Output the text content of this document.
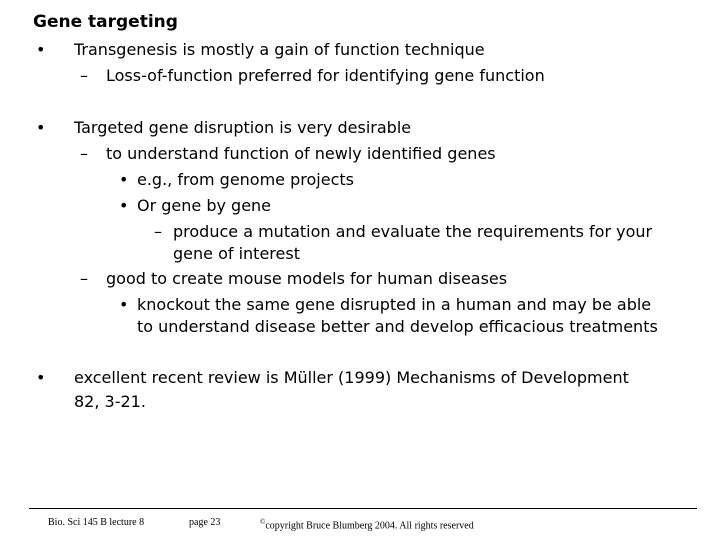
Gene targeting
• Transgenesis is mostly a gain of function technique
– Loss-of-function preferred for identifying gene function
• Targeted gene disruption is very desirable
– to understand function of newly identified genes
• e.g., from genome projects
• Or gene by gene
– produce a mutation and evaluate the requirements for your
gene of interest
– good to create mouse models for human diseases
• knockout the same gene disrupted in a human and may be able
to understand disease better and develop efficacious treatments
• excellent recent review is Müller (1999) Mechanisms of Development
82, 3-21.
Bio. Sci 145 B lecture 8	page 23	©copyright Bruce Blumberg 2004. All rights reserved
